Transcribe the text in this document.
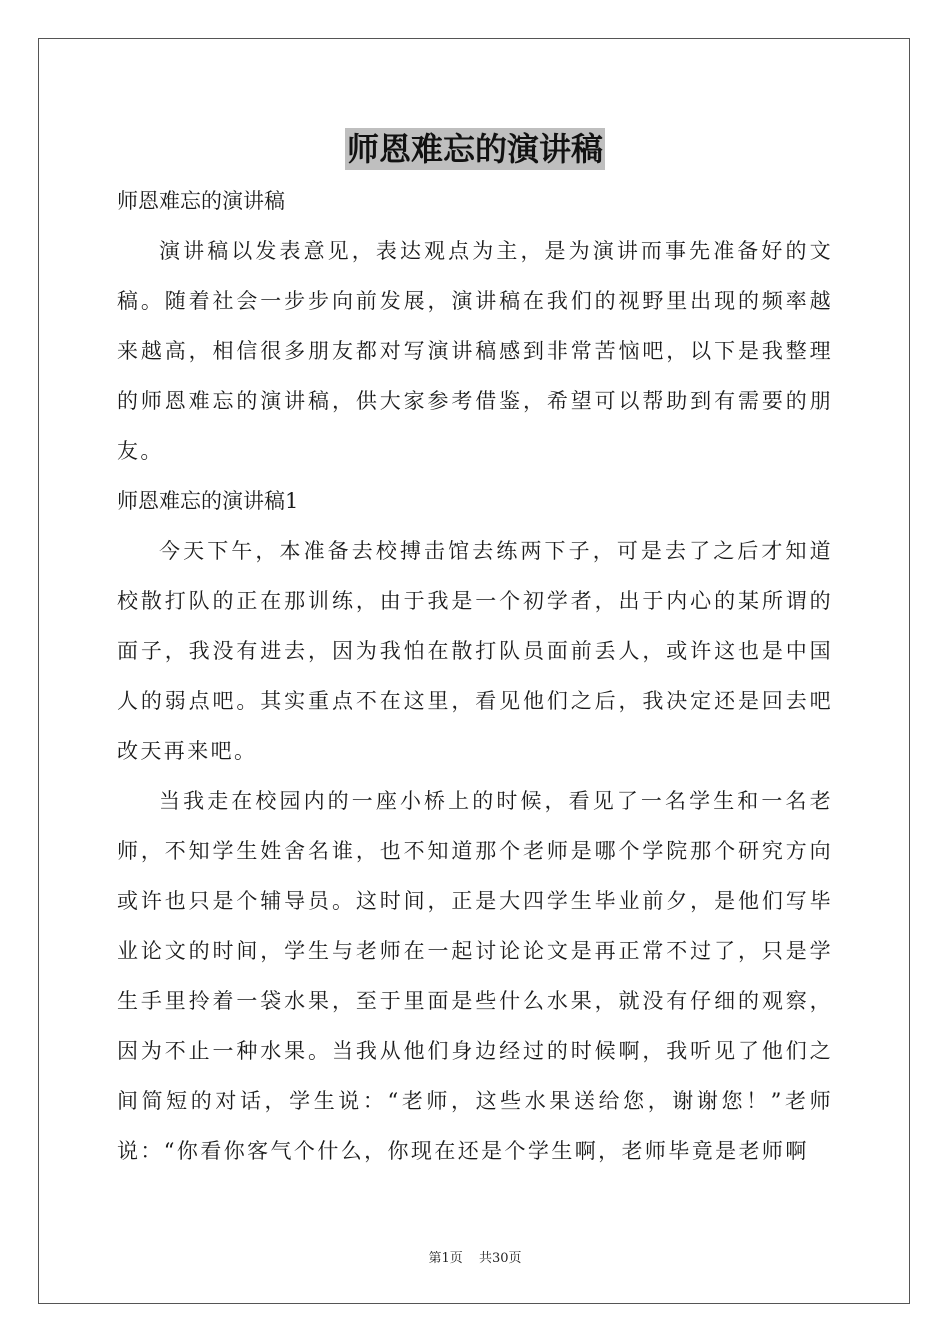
师恩难忘的演讲稿

师恩难忘的演讲稿

演讲稿以发表意见，表达观点为主，是为演讲而事先准备好的文稿。随着社会一步步向前发展，演讲稿在我们的视野里出现的频率越来越高，相信很多朋友都对写演讲稿感到非常苦恼吧，以下是我整理的师恩难忘的演讲稿，供大家参考借鉴，希望可以帮助到有需要的朋友。

师恩难忘的演讲稿1

今天下午，本准备去校搏击馆去练两下子，可是去了之后才知道校散打队的正在那训练，由于我是一个初学者，出于内心的某所谓的面子，我没有进去，因为我怕在散打队员面前丢人，或许这也是中国人的弱点吧。其实重点不在这里，看见他们之后，我决定还是回去吧改天再来吧。

当我走在校园内的一座小桥上的时候，看见了一名学生和一名老师，不知学生姓舍名谁，也不知道那个老师是哪个学院那个研究方向或许也只是个辅导员。这时间，正是大四学生毕业前夕，是他们写毕业论文的时间，学生与老师在一起讨论论文是再正常不过了，只是学生手里拎着一袋水果，至于里面是些什么水果，就没有仔细的观察，因为不止一种水果。当我从他们身边经过的时候啊，我听见了他们之间简短的对话，学生说：“老师，这些水果送给您，谢谢您！”老师说：“你看你客气个什么，你现在还是个学生啊，老师毕竟是老师啊

第1页 共30页
